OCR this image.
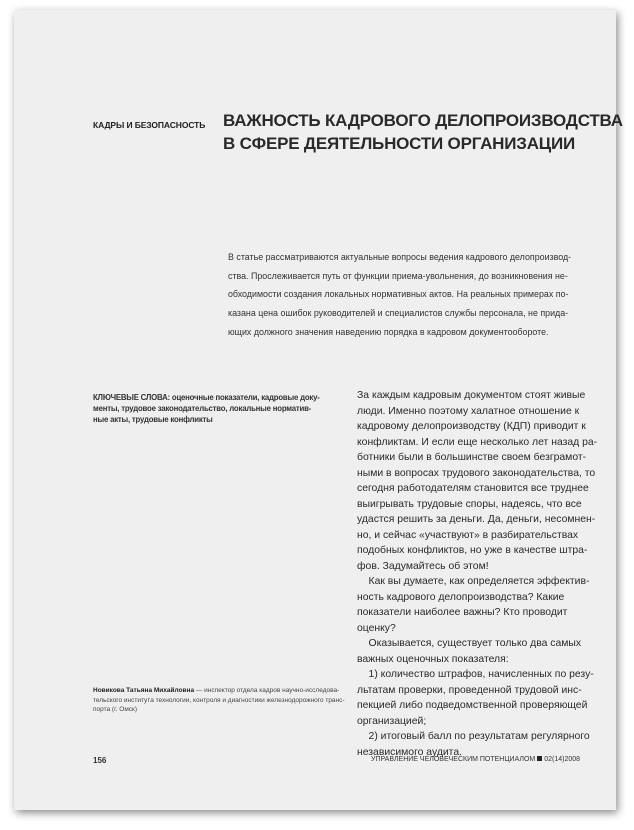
КАДРЫ И БЕЗОПАСНОСТЬ ВАЖНОСТЬ КАДРОВОГО ДЕЛОПРОИЗВОДСТВА
В СФЕРЕ ДЕЯТЕЛЬНОСТИ ОРГАНИЗАЦИИ
В статье рассматриваются актуальные вопросы ведения кадрового делопроизвод-
ства. Прослеживается путь от функции приема-увольнения, до возникновения не-
обходимости создания локальных нормативных актов. На реальных примерах по-
казана цена ошибок руководителей и специалистов службы персонала, не прида-
ющих должного значения наведению порядка в кадровом документообороте.
КЛЮЧЕВЫЕ СЛОВА: оценочные показатели, кадровые доку-
менты, трудовое законодательство, локальные норматив-
ные акты, трудовые конфликты
Новикова Татьяна Михайловна — инспектор отдела кадров научно-исследова-
тельского института технологии, контроля и диагностики железнодорожного транс-
порта (г. Омск)
За каждым кадровым документом стоят живые
люди. Именно поэтому халатное отношение к
кадровому делопроизводству (КДП) приводит к
конфликтам. И если еще несколько лет назад ра-
ботники были в большинстве своем безграмот-
ными в вопросах трудового законодательства, то
сегодня работодателям становится все труднее
выигрывать трудовые споры, надеясь, что все
удастся решить за деньги. Да, деньги, несомнен-
но, и сейчас «участвуют» в разбирательствах
подобных конфликтов, но уже в качестве штра-
фов. Задумайтесь об этом!
Как вы думаете, как определяется эффектив-
ность кадрового делопроизводства? Какие
показатели наиболее важны? Кто проводит
оценку?
Оказывается, существует только два самых
важных оценочных показателя:
1) количество штрафов, начисленных по резу-
льтатам проверки, проведенной трудовой инс-
пекцией либо подведомственной проверяющей
организацией;
2) итоговый балл по результатам регулярного
независимого аудита.
156	УПРАВЛЕНИЕ ЧЕЛОВЕЧЕСКИМ ПОТЕНЦИАЛОМ 02(14)2008
